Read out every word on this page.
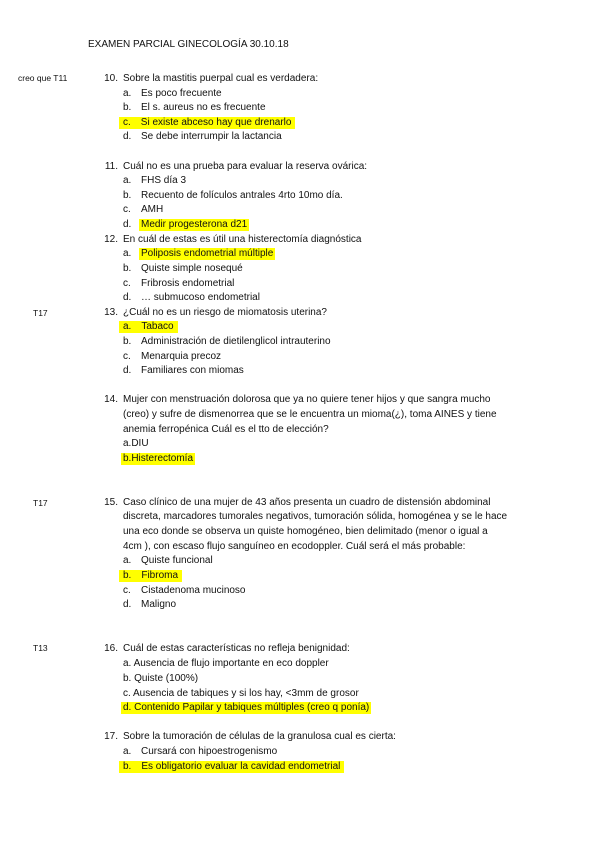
EXAMEN PARCIAL GINECOLOGÍA 30.10.18
creo que T11
T17
T17
T13
10. Sobre la mastitis puerpal cual es verdadera:
a. Es poco frecuente
b. El s. aureus no es frecuente
c. Si existe abceso hay que drenarlo
d. Se debe interrumpir la lactancia
11. Cuál no es una prueba para evaluar la reserva ovárica:
a. FHS día 3
b. Recuento de folículos antrales 4rto 10mo día.
c. AMH
d. Medir progesterona d21
12. En cuál de estas es útil una histerectomía diagnóstica
a. Poliposis endometrial múltiple
b. Quiste simple nosequé
c. Fribrosis endometrial
d. … submucoso endometrial
13. ¿Cuál no es un riesgo de miomatosis uterina?
a. Tabaco
b. Administración de dietilenglicol intrauterino
c. Menarquia precoz
d. Familiares con miomas
14. Mujer con menstruación dolorosa que ya no quiere tener hijos y que sangra mucho
(creo) y sufre de dismenorrea que se le encuentra un mioma(¿), toma AINES y tiene
anemia ferropénica Cuál es el tto de elección?
a.DIU
b.Histerectomía
15. Caso clínico de una mujer de 43 años presenta un cuadro de distensión abdominal
discreta, marcadores tumorales negativos, tumoración sólida, homogénea y se le hace
una eco donde se observa un quiste homogéneo, bien delimitado (menor o igual a
4cm ), con escaso flujo sanguíneo en ecodoppler. Cuál será el más probable:
a. Quiste funcional
b. Fibroma
c. Cistadenoma mucinoso
d. Maligno
16. Cuál de estas características no refleja benignidad:
a. Ausencia de flujo importante en eco doppler
b. Quiste (100%)
c. Ausencia de tabiques y si los hay, <3mm de grosor
d. Contenido Papilar y tabiques múltiples (creo q ponía)
17. Sobre la tumoración de células de la granulosa cual es cierta:
a. Cursará con hipoestrogenismo
b. Es obligatorio evaluar la cavidad endometrial
